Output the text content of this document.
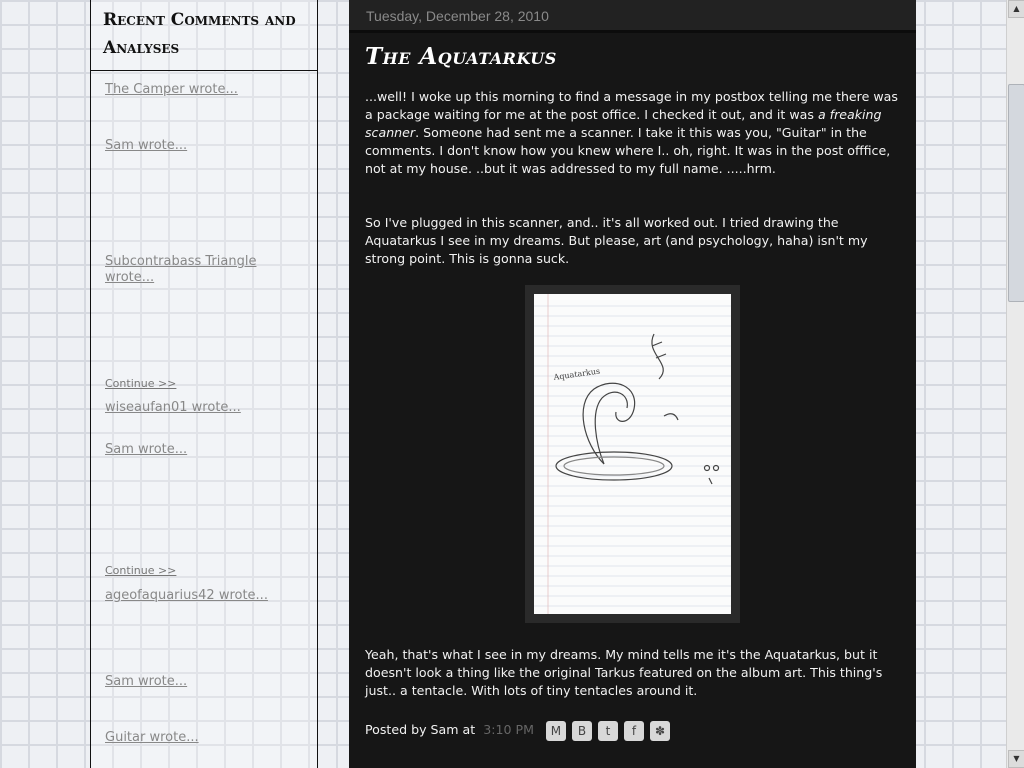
Recent Comments and Analyses
The Camper wrote...
Sam wrote...
Subcontrabass Triangle wrote...
Continue >>
wiseaufan01 wrote...
Sam wrote...
Continue >>
ageofaquarius42 wrote...
Sam wrote...
Guitar wrote...
Tuesday, December 28, 2010
The Aquatarkus
...well! I woke up this morning to find a message in my postbox telling me there was a package waiting for me at the post office. I checked it out, and it was a freaking scanner. Someone had sent me a scanner. I take it this was you, "Guitar" in the comments. I don't know how you knew where I.. oh, right. It was in the post offfice, not at my house. ..but it was addressed to my full name. .....hrm.
So I've plugged in this scanner, and.. it's all worked out. I tried drawing the Aquatarkus I see in my dreams. But please, art (and psychology, haha) isn't my strong point. This is gonna suck.
Aquatarkus
Yeah, that's what I see in my dreams. My mind tells me it's the Aquatarkus, but it doesn't look a thing like the original Tarkus featured on the album art. This thing's just.. a tentacle. With lots of tiny tentacles around it.
Posted by Sam at 3:10 PM M B t f ✽
▲
▼
